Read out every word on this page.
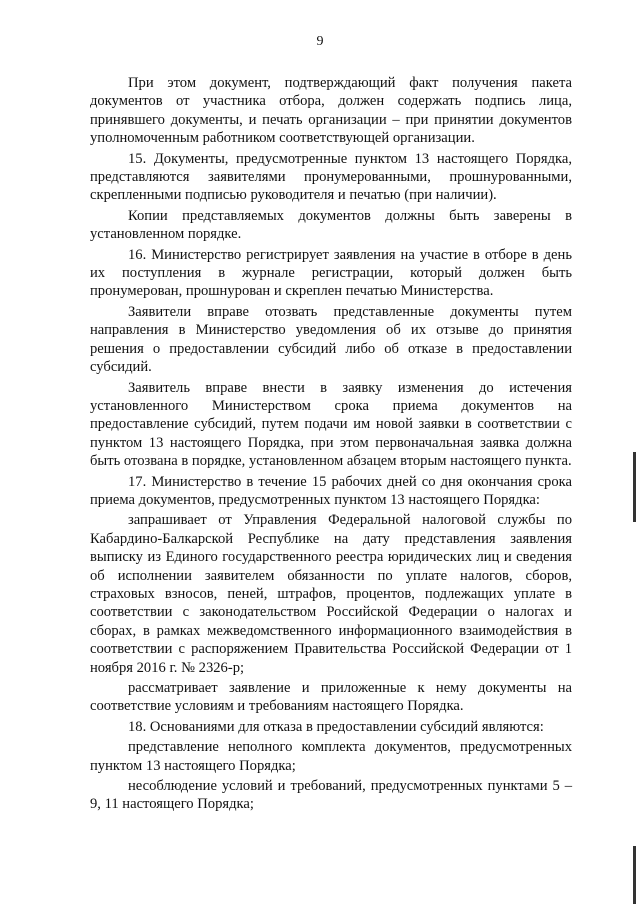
9

При этом документ, подтверждающий факт получения пакета документов от участника отбора, должен содержать подпись лица, принявшего документы, и печать организации – при принятии документов уполномоченным работником соответствующей организации.

15. Документы, предусмотренные пунктом 13 настоящего Порядка, представляются заявителями пронумерованными, прошнурованными, скрепленными подписью руководителя и печатью (при наличии).

Копии представляемых документов должны быть заверены в установленном порядке.

16. Министерство регистрирует заявления на участие в отборе в день их поступления в журнале регистрации, который должен быть пронумерован, прошнурован и скреплен печатью Министерства.

Заявители вправе отозвать представленные документы путем направления в Министерство уведомления об их отзыве до принятия решения о предоставлении субсидий либо об отказе в предоставлении субсидий.

Заявитель вправе внести в заявку изменения до истечения установленного Министерством срока приема документов на предоставление субсидий, путем подачи им новой заявки в соответствии с пунктом 13 настоящего Порядка, при этом первоначальная заявка должна быть отозвана в порядке, установленном абзацем вторым настоящего пункта.

17. Министерство в течение 15 рабочих дней со дня окончания срока приема документов, предусмотренных пунктом 13 настоящего Порядка:

запрашивает от Управления Федеральной налоговой службы по Кабардино-Балкарской Республике на дату представления заявления выписку из Единого государственного реестра юридических лиц и сведения об исполнении заявителем обязанности по уплате налогов, сборов, страховых взносов, пеней, штрафов, процентов, подлежащих уплате в соответствии с законодательством Российской Федерации о налогах и сборах, в рамках межведомственного информационного взаимодействия в соответствии с распоряжением Правительства Российской Федерации от 1 ноября 2016 г. № 2326-р;

рассматривает заявление и приложенные к нему документы на соответствие условиям и требованиям настоящего Порядка.

18. Основаниями для отказа в предоставлении субсидий являются:

представление неполного комплекта документов, предусмотренных пунктом 13 настоящего Порядка;

несоблюдение условий и требований, предусмотренных пунктами 5 – 9, 11 настоящего Порядка;
